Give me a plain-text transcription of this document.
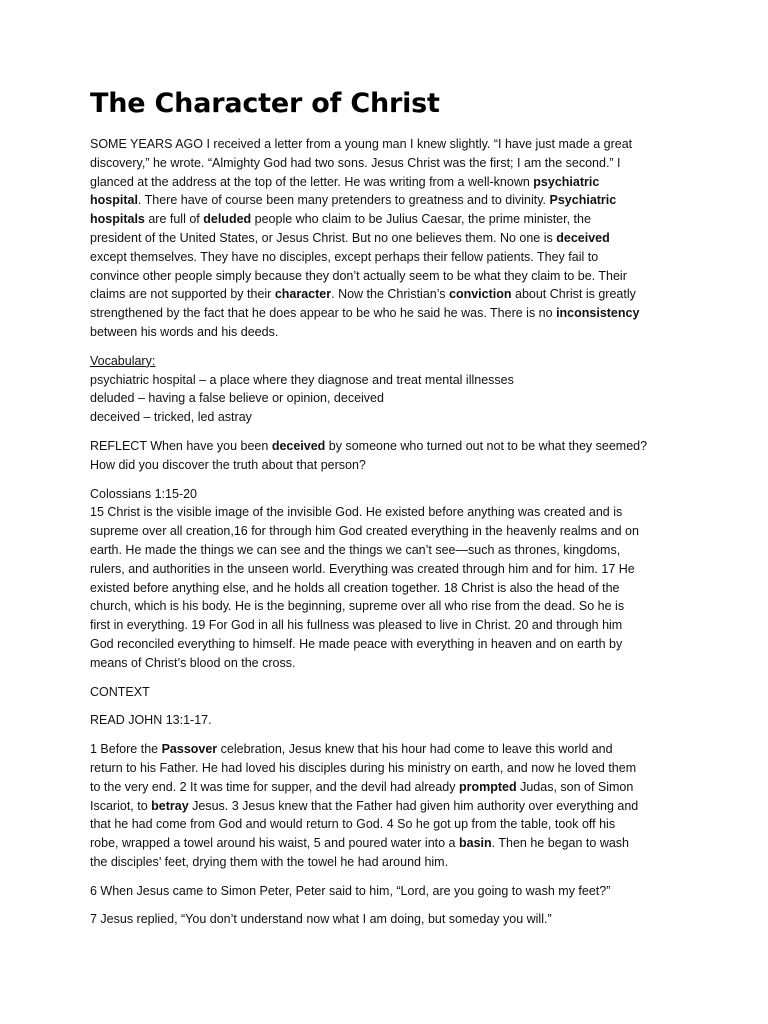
The Character of Christ
SOME YEARS AGO I received a letter from a young man I knew slightly. “I have just made a great
discovery,” he wrote. “Almighty God had two sons. Jesus Christ was the first; I am the second.” I
glanced at the address at the top of the letter. He was writing from a well-known psychiatric
hospital. There have of course been many pretenders to greatness and to divinity. Psychiatric
hospitals are full of deluded people who claim to be Julius Caesar, the prime minister, the
president of the United States, or Jesus Christ. But no one believes them. No one is deceived
except themselves. They have no disciples, except perhaps their fellow patients. They fail to
convince other people simply because they don’t actually seem to be what they claim to be. Their
claims are not supported by their character. Now the Christian’s conviction about Christ is greatly
strengthened by the fact that he does appear to be who he said he was. There is no inconsistency
between his words and his deeds.
Vocabulary:
psychiatric hospital – a place where they diagnose and treat mental illnesses
deluded – having a false believe or opinion, deceived
deceived – tricked, led astray
REFLECT When have you been deceived by someone who turned out not to be what they seemed?
How did you discover the truth about that person?
Colossians 1:15-20
15 Christ is the visible image of the invisible God. He existed before anything was created and is
supreme over all creation,16 for through him God created everything in the heavenly realms and on
earth. He made the things we can see and the things we can’t see—such as thrones, kingdoms,
rulers, and authorities in the unseen world. Everything was created through him and for him. 17 He
existed before anything else, and he holds all creation together. 18 Christ is also the head of the
church, which is his body. He is the beginning, supreme over all who rise from the dead. So he is
first in everything. 19 For God in all his fullness was pleased to live in Christ. 20 and through him
God reconciled everything to himself. He made peace with everything in heaven and on earth by
means of Christ’s blood on the cross.
CONTEXT
READ JOHN 13:1-17.
1 Before the Passover celebration, Jesus knew that his hour had come to leave this world and
return to his Father. He had loved his disciples during his ministry on earth, and now he loved them
to the very end. 2 It was time for supper, and the devil had already prompted Judas, son of Simon
Iscariot, to betray Jesus. 3 Jesus knew that the Father had given him authority over everything and
that he had come from God and would return to God. 4 So he got up from the table, took off his
robe, wrapped a towel around his waist, 5 and poured water into a basin. Then he began to wash
the disciples’ feet, drying them with the towel he had around him.
6 When Jesus came to Simon Peter, Peter said to him, “Lord, are you going to wash my feet?”
7 Jesus replied, “You don’t understand now what I am doing, but someday you will.”
